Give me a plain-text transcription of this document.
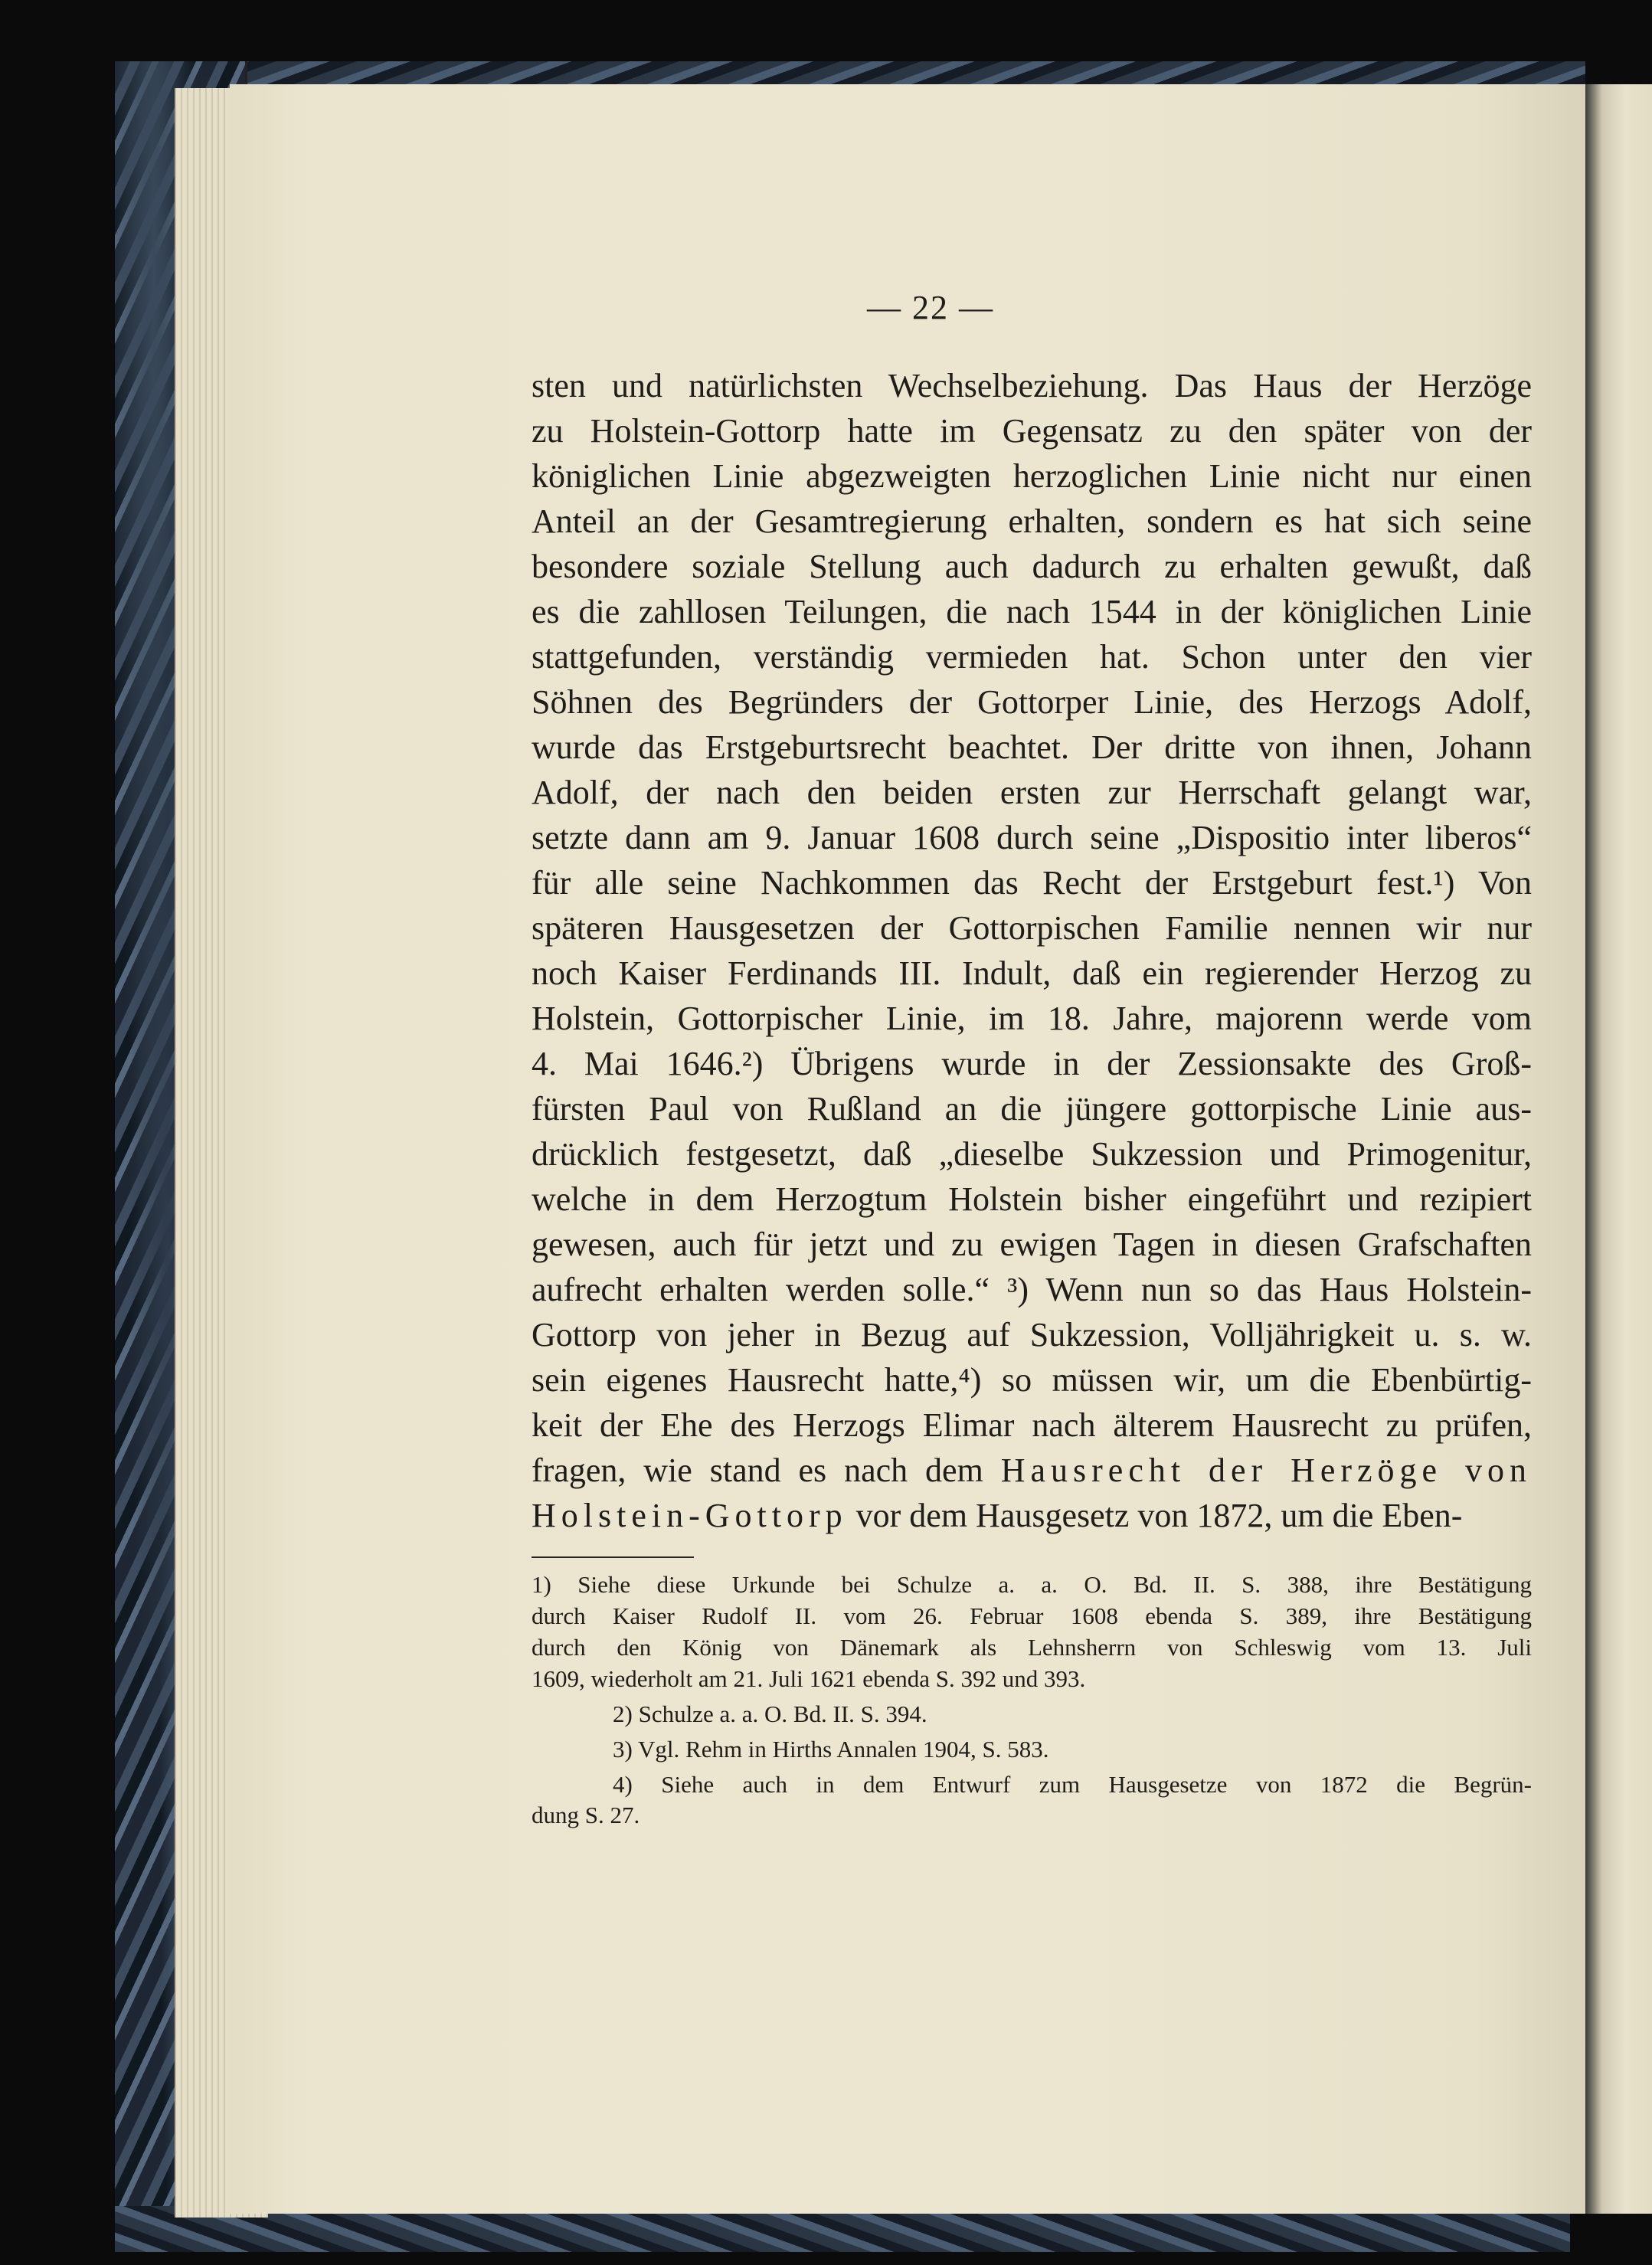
— 22 —
sten und natürlichsten Wechselbeziehung. Das Haus der Herzöge
zu Holstein-Gottorp hatte im Gegensatz zu den später von der
königlichen Linie abgezweigten herzoglichen Linie nicht nur einen
Anteil an der Gesamtregierung erhalten, sondern es hat sich seine
besondere soziale Stellung auch dadurch zu erhalten gewußt, daß
es die zahllosen Teilungen, die nach 1544 in der königlichen Linie
stattgefunden, verständig vermieden hat. Schon unter den vier
Söhnen des Begründers der Gottorper Linie, des Herzogs Adolf,
wurde das Erstgeburtsrecht beachtet. Der dritte von ihnen, Johann
Adolf, der nach den beiden ersten zur Herrschaft gelangt war,
setzte dann am 9. Januar 1608 durch seine „Dispositio inter liberos“
für alle seine Nachkommen das Recht der Erstgeburt fest.¹) Von
späteren Hausgesetzen der Gottorpischen Familie nennen wir nur
noch Kaiser Ferdinands III. Indult, daß ein regierender Herzog zu
Holstein, Gottorpischer Linie, im 18. Jahre, majorenn werde vom
4. Mai 1646.²) Übrigens wurde in der Zessionsakte des Groß-
fürsten Paul von Rußland an die jüngere gottorpische Linie aus-
drücklich festgesetzt, daß „dieselbe Sukzession und Primogenitur,
welche in dem Herzogtum Holstein bisher eingeführt und rezipiert
gewesen, auch für jetzt und zu ewigen Tagen in diesen Grafschaften
aufrecht erhalten werden solle.“ ³) Wenn nun so das Haus Holstein-
Gottorp von jeher in Bezug auf Sukzession, Volljährigkeit u. s. w.
sein eigenes Hausrecht hatte,⁴) so müssen wir, um die Ebenbürtig-
keit der Ehe des Herzogs Elimar nach älterem Hausrecht zu prüfen,
fragen, wie stand es nach dem Hausrecht der Herzöge von
Holstein-Gottorp vor dem Hausgesetz von 1872, um die Eben-
1) Siehe diese Urkunde bei Schulze a. a. O. Bd. II. S. 388, ihre Bestätigung
durch Kaiser Rudolf II. vom 26. Februar 1608 ebenda S. 389, ihre Bestätigung
durch den König von Dänemark als Lehnsherrn von Schleswig vom 13. Juli
1609, wiederholt am 21. Juli 1621 ebenda S. 392 und 393.
2) Schulze a. a. O. Bd. II. S. 394.
3) Vgl. Rehm in Hirths Annalen 1904, S. 583.
4) Siehe auch in dem Entwurf zum Hausgesetze von 1872 die Begrün-
dung S. 27.
